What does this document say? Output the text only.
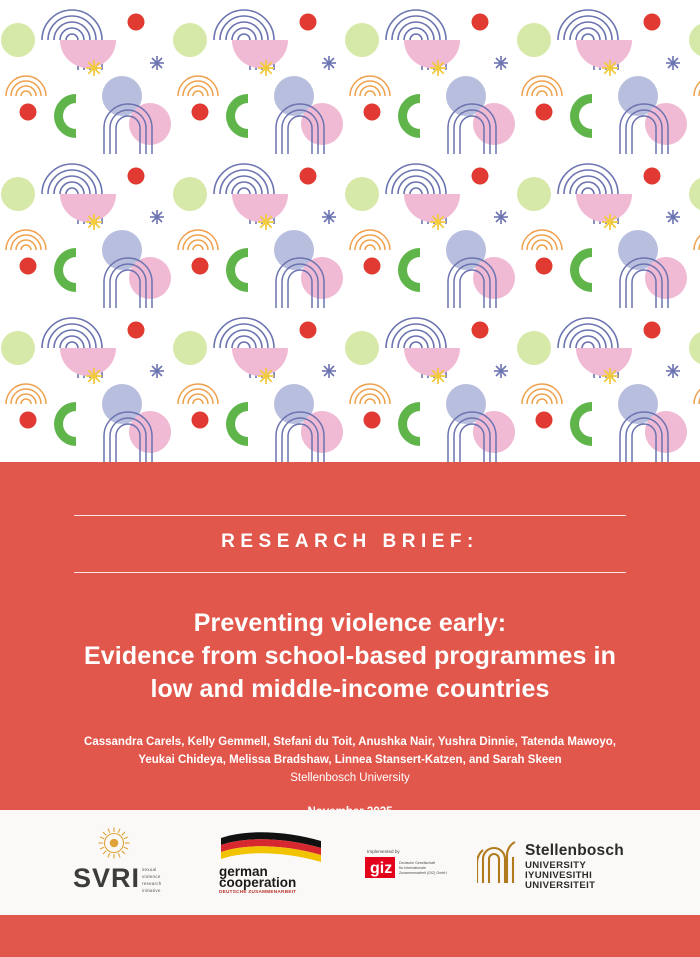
RESEARCH BRIEF:

Preventing violence early:
Evidence from school-based programmes in
low and middle-income countries

Cassandra Carels, Kelly Gemmell, Stefani du Toit, Anushka Nair, Yushra Dinnie, Tatenda Mawoyo,
Yeukai Chideya, Melissa Bradshaw, Linnea Stansert-Katzen, and Sarah Skeen
Stellenbosch University

SVRI sexual
violence
research
initiative
german
cooperation
DEUTSCHE ZUSAMMENARBEIT
Implemented by
giz Deutsche Gesellschaft
für Internationale
Zusammenarbeit (GIZ) GmbH
Stellenbosch
UNIVERSITY
IYUNIVESITHI
UNIVERSITEIT
